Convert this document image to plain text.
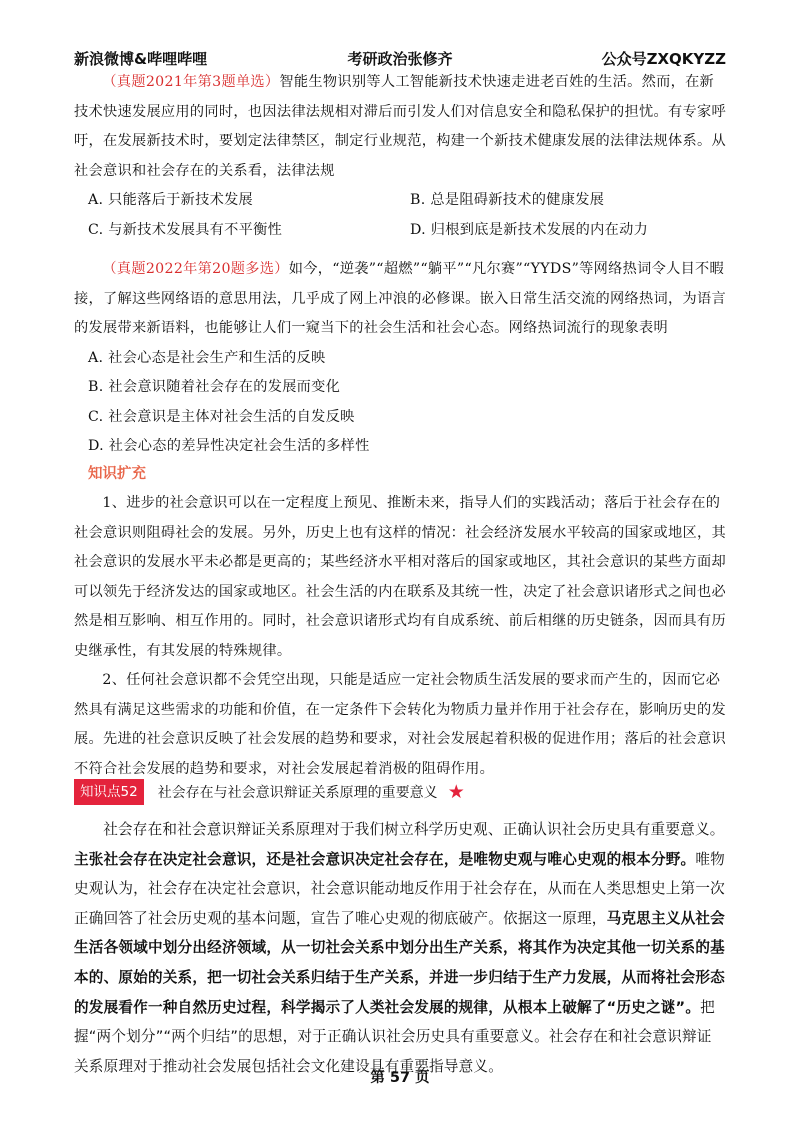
新浪微博&哔哩哔哩	考研政治张修齐	公众号ZXQKYZZ

（真题2021年第3题单选）智能生物识别等人工智能新技术快速走进老百姓的生活。然而，在新技术快速发展应用的同时，也因法律法规相对滞后而引发人们对信息安全和隐私保护的担忧。有专家呼吁，在发展新技术时，要划定法律禁区，制定行业规范，构建一个新技术健康发展的法律法规体系。从社会意识和社会存在的关系看，法律法规

A. 只能落后于新技术发展	B. 总是阻碍新技术的健康发展
C. 与新技术发展具有不平衡性	D. 归根到底是新技术发展的内在动力

（真题2022年第20题多选）如今，“逆袭”“超燃”“躺平”“凡尔赛”“YYDS”等网络热词令人目不暇接，了解这些网络语的意思用法，几乎成了网上冲浪的必修课。嵌入日常生活交流的网络热词，为语言的发展带来新语料，也能够让人们一窥当下的社会生活和社会心态。网络热词流行的现象表明

A. 社会心态是社会生产和生活的反映
B. 社会意识随着社会存在的发展而变化
C. 社会意识是主体对社会生活的自发反映
D. 社会心态的差异性决定社会生活的多样性
知识扩充

1、进步的社会意识可以在一定程度上预见、推断未来，指导人们的实践活动；落后于社会存在的社会意识则阻碍社会的发展。另外，历史上也有这样的情况：社会经济发展水平较高的国家或地区，其社会意识的发展水平未必都是更高的；某些经济水平相对落后的国家或地区，其社会意识的某些方面却可以领先于经济发达的国家或地区。社会生活的内在联系及其统一性，决定了社会意识诸形式之间也必然是相互影响、相互作用的。同时，社会意识诸形式均有自成系统、前后相继的历史链条，因而具有历史继承性，有其发展的特殊规律。

2、任何社会意识都不会凭空出现，只能是适应一定社会物质生活发展的要求而产生的，因而它必然具有满足这些需求的功能和价值，在一定条件下会转化为物质力量并作用于社会存在，影响历史的发展。先进的社会意识反映了社会发展的趋势和要求，对社会发展起着积极的促进作用；落后的社会意识不符合社会发展的趋势和要求，对社会发展起着消极的阻碍作用。

知识点52	社会存在与社会意识辩证关系原理的重要意义 ★

社会存在和社会意识辩证关系原理对于我们树立科学历史观、正确认识社会历史具有重要意义。主张社会存在决定社会意识，还是社会意识决定社会存在，是唯物史观与唯心史观的根本分野。唯物史观认为，社会存在决定社会意识，社会意识能动地反作用于社会存在，从而在人类思想史上第一次正确回答了社会历史观的基本问题，宣告了唯心史观的彻底破产。依据这一原理，马克思主义从社会生活各领域中划分出经济领域，从一切社会关系中划分出生产关系，将其作为决定其他一切关系的基本的、原始的关系，把一切社会关系归结于生产关系，并进一步归结于生产力发展，从而将社会形态的发展看作一种自然历史过程，科学揭示了人类社会发展的规律，从根本上破解了“历史之谜”。把握“两个划分”“两个归结”的思想，对于正确认识社会历史具有重要意义。社会存在和社会意识辩证关系原理对于推动社会发展包括社会文化建设具有重要指导意义。

第 57 页
